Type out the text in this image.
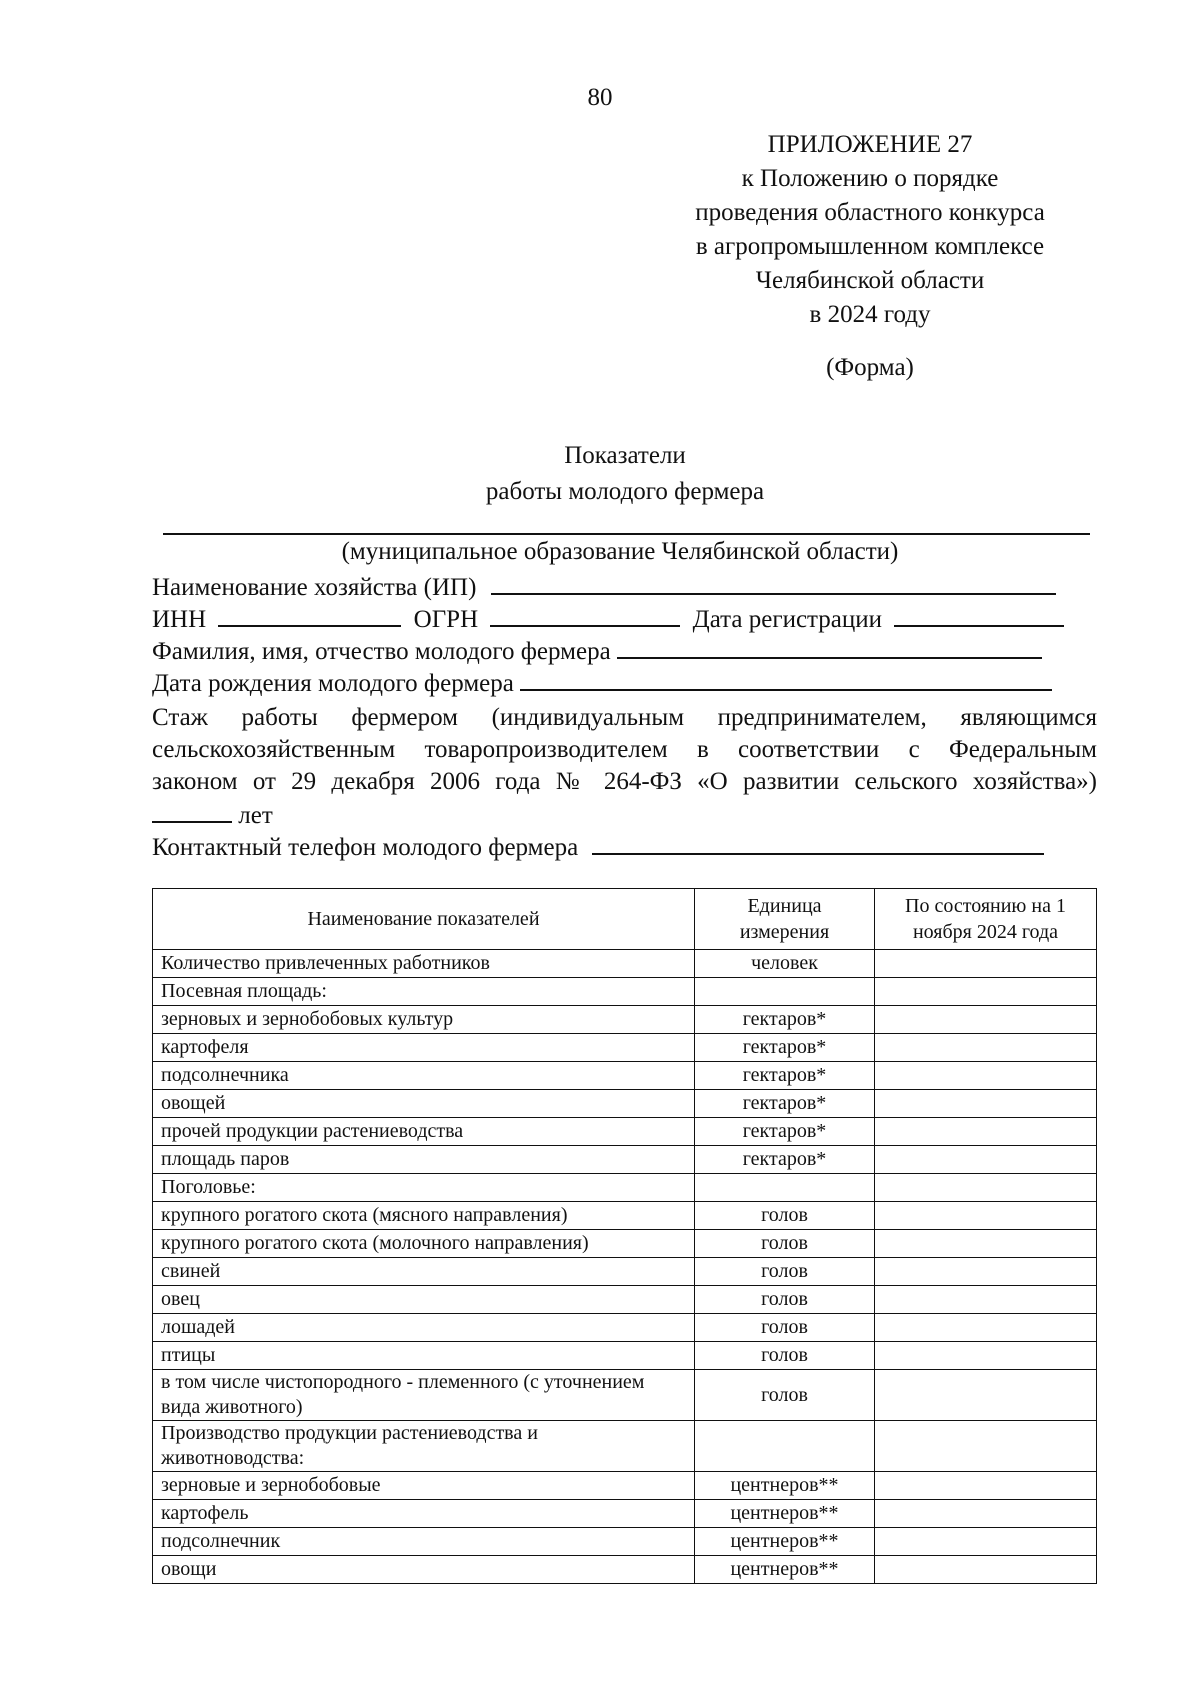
80
ПРИЛОЖЕНИЕ 27
к Положению о порядке
проведения областного конкурса
в агропромышленном комплексе
Челябинской области
в 2024 году
(Форма)
Показатели
работы молодого фермера
(муниципальное образование Челябинской области)
Наименование хозяйства (ИП)
ИНН	ОГРН	Дата регистрации
Фамилия, имя, отчество молодого фермера
Дата рождения молодого фермера
Стаж работы фермером (индивидуальным предпринимателем, являющимся
сельскохозяйственным товаропроизводителем в соответствии с Федеральным
законом от 29 декабря 2006 года № 264-ФЗ «О развитии сельского хозяйства»)
лет
Контактный телефон молодого фермера
Наименование показателей	Единица измерения	По состоянию на 1 ноября 2024 года
Количество привлеченных работников	человек	
Посевная площадь:		
зерновых и зернобобовых культур	гектаров*	
картофеля	гектаров*	
подсолнечника	гектаров*	
овощей	гектаров*	
прочей продукции растениеводства	гектаров*	
площадь паров	гектаров*	
Поголовье:		
крупного рогатого скота (мясного направления)	голов	
крупного рогатого скота (молочного направления)	голов	
свиней	голов	
овец	голов	
лошадей	голов	
птицы	голов	
в том числе чистопородного - племенного (с уточнением вида животного)	голов	
Производство продукции растениеводства и животноводства:		
зерновые и зернобобовые	центнеров**	
картофель	центнеров**	
подсолнечник	центнеров**	
овощи	центнеров**	
